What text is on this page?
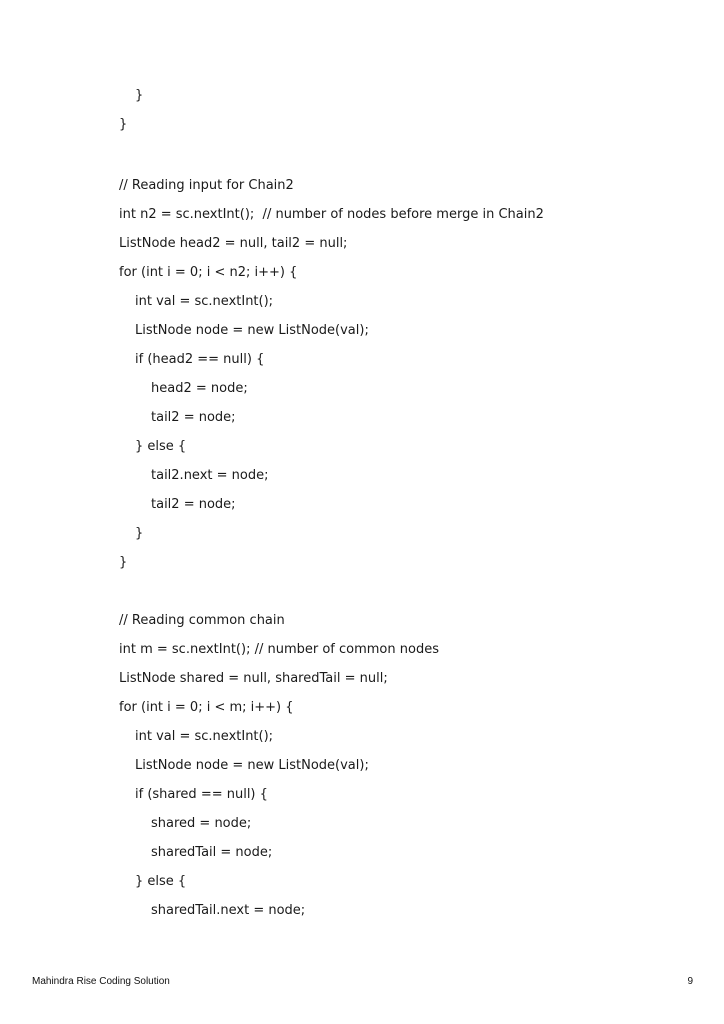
}
}
// Reading input for Chain2
int n2 = sc.nextInt();  // number of nodes before merge in Chain2
ListNode head2 = null, tail2 = null;
for (int i = 0; i < n2; i++) {
int val = sc.nextInt();
ListNode node = new ListNode(val);
if (head2 == null) {
head2 = node;
tail2 = node;
} else {
tail2.next = node;
tail2 = node;
}
}
// Reading common chain
int m = sc.nextInt(); // number of common nodes
ListNode shared = null, sharedTail = null;
for (int i = 0; i < m; i++) {
int val = sc.nextInt();
ListNode node = new ListNode(val);
if (shared == null) {
shared = node;
sharedTail = node;
} else {
sharedTail.next = node;
Mahindra Rise Coding Solution	9
